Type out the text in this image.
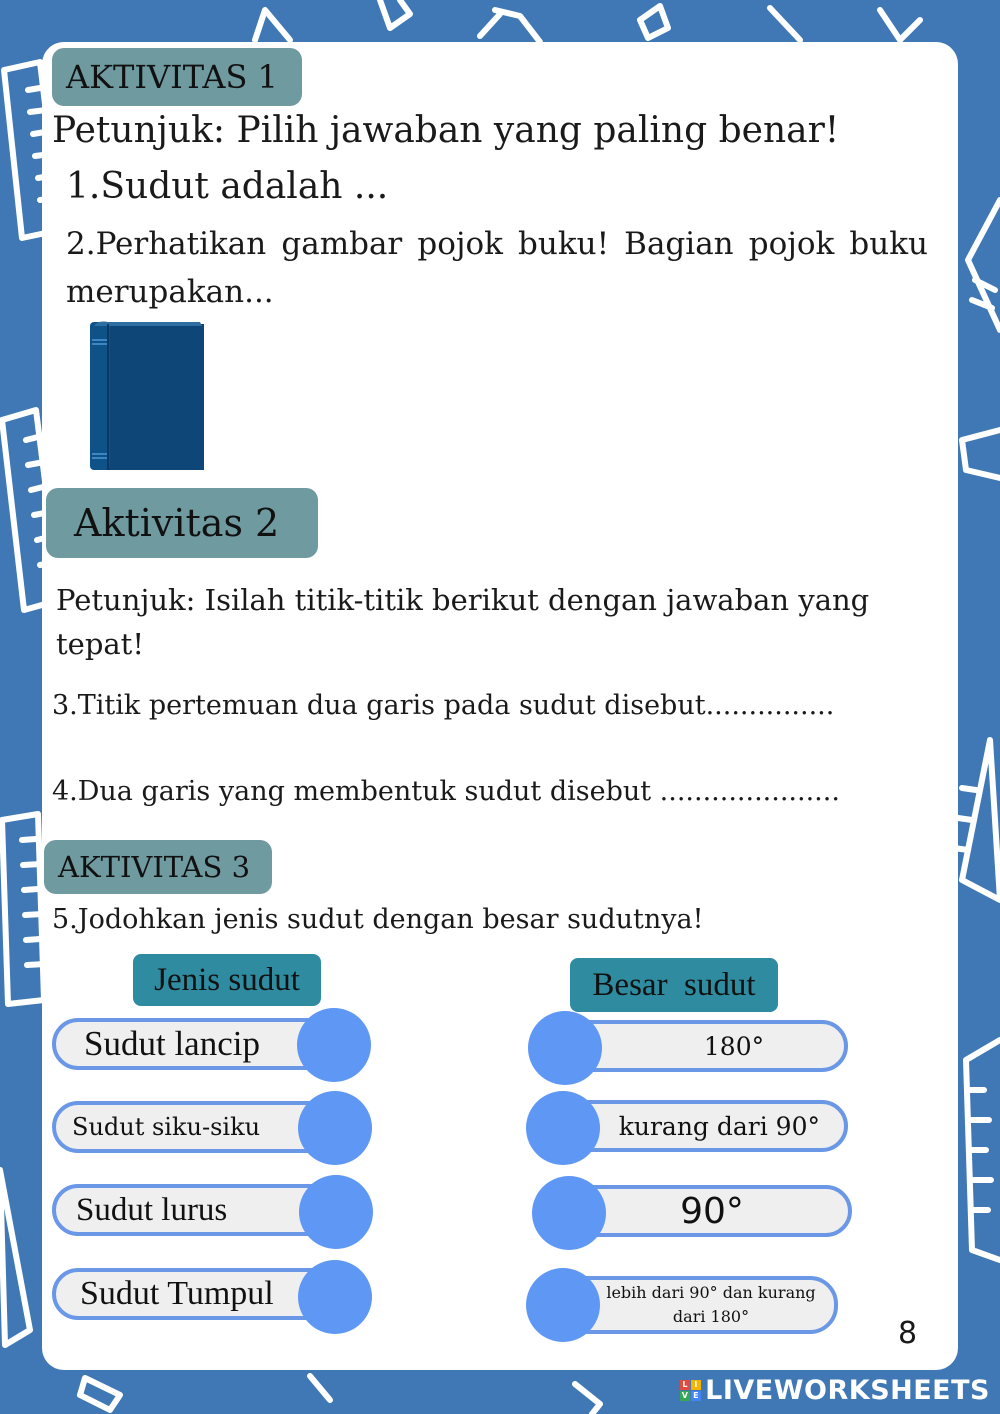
AKTIVITAS 1
Petunjuk: Pilih jawaban yang paling benar!
1.Sudut adalah ...
2.Perhatikan gambar pojok buku! Bagian pojok buku merupakan...
Aktivitas 2
Petunjuk: Isilah titik-titik berikut dengan jawaban yang tepat!
3.Titik pertemuan dua garis pada sudut disebut...............
4.Dua garis yang membentuk sudut disebut .....................
AKTIVITAS 3
5.Jodohkan jenis sudut dengan besar sudutnya!
Jenis sudut	Besar  sudut
Sudut lancip
Sudut siku-siku
Sudut lurus
Sudut Tumpul
180°
kurang dari 90°
90°
lebih dari 90° dan kurang dari 180°	8
L I
V E LIVEWORKSHEETS
